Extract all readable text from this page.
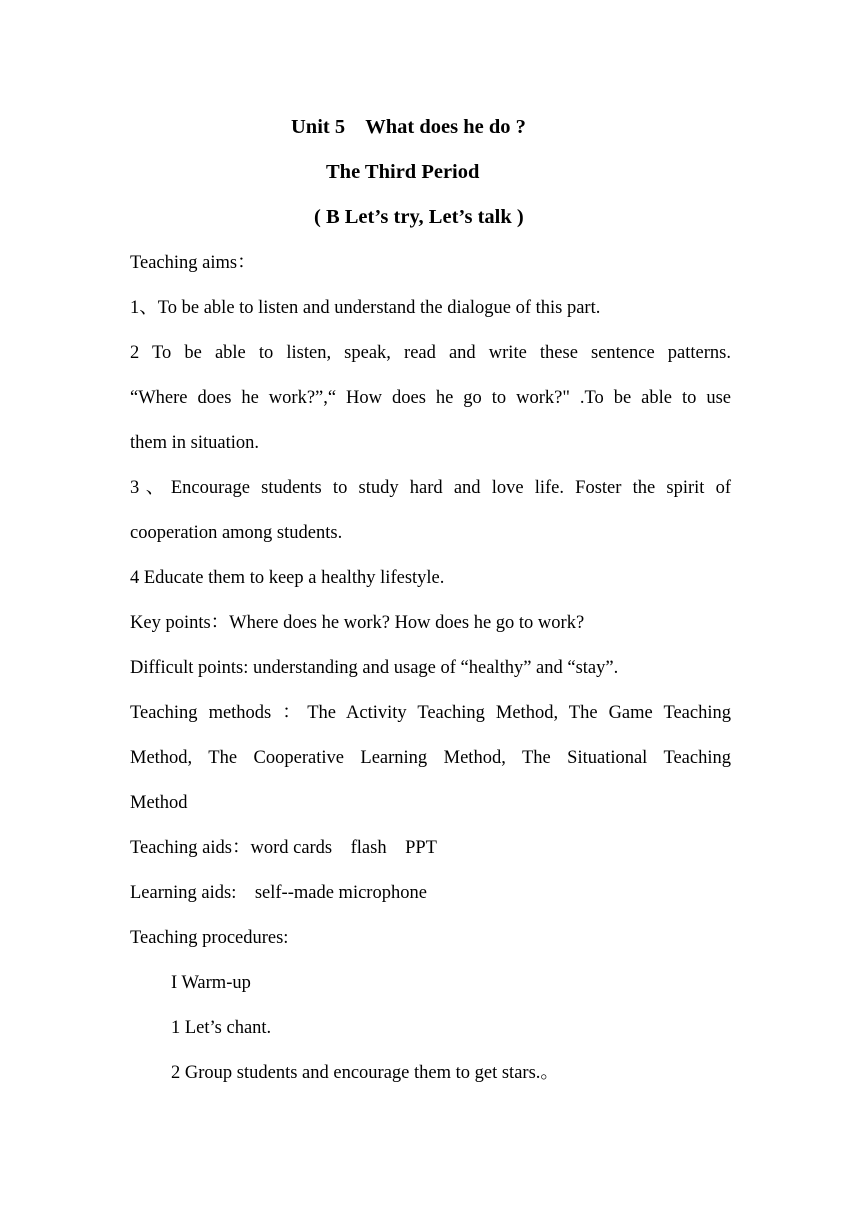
Unit 5    What does he do ?
The Third Period
( B Let’s try, Let’s talk )
Teaching aims：
1、To be able to listen and understand the dialogue of this part.
2 To be able to listen, speak, read and write these sentence patterns.
“Where does he work?”,“ How does he go to work?" .To be able to use
them in situation.
3、Encourage students to study hard and love life. Foster the spirit of
cooperation among students.
4 Educate them to keep a healthy lifestyle.
Key points：Where does he work? How does he go to work?
Difficult points: understanding and usage of “healthy” and “stay”.
Teaching methods ：The Activity Teaching Method, The Game Teaching
Method, The Cooperative Learning Method, The Situational Teaching
Method
Teaching aids：word cards    flash    PPT
Learning aids:    self--made microphone
Teaching procedures:
I Warm-up
1 Let’s chant.
2 Group students and encourage them to get stars.。
